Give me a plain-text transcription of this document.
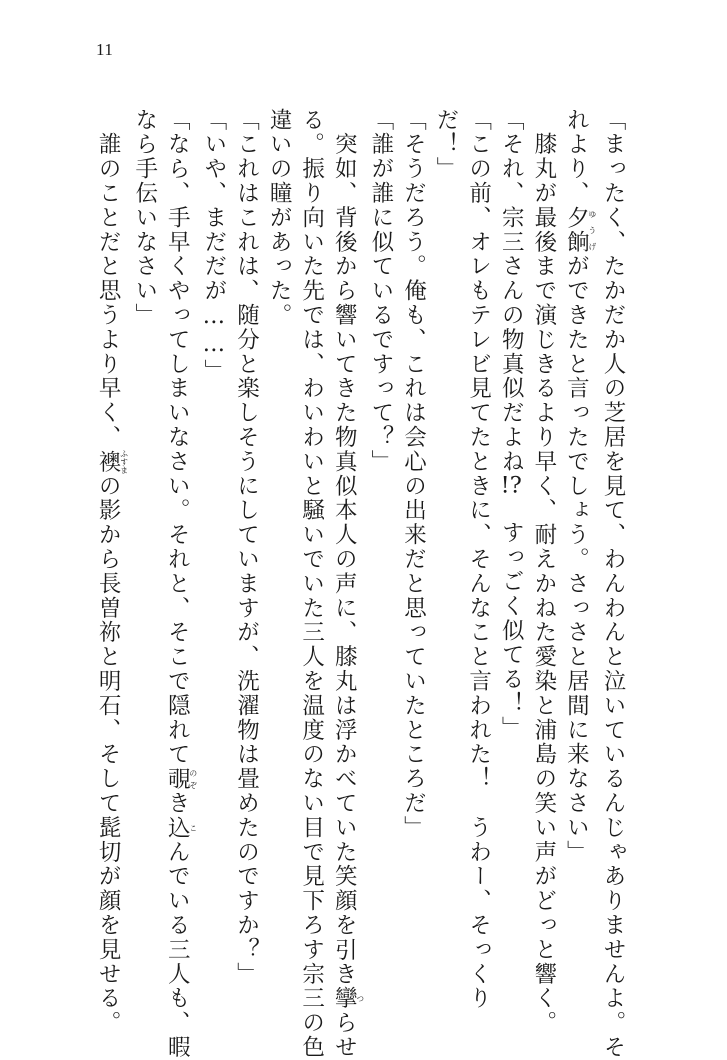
11
「まったく、たかだか人の芝居を見て、わんわんと泣いているんじゃありませんよ。そ
れより、夕餉ゆうげができたと言ったでしょう。さっさと居間に来なさい」
　膝丸が最後まで演じきるより早く、耐えかねた愛染と浦島の笑い声がどっと響く。
「それ、宗三さんの物真似だよね!?　すっごく似てる！」
「この前、オレもテレビ見てたときに、そんなこと言われた！　うわー、そっくり
だ！」
「そうだろう。俺も、これは会心の出来だと思っていたところだ」
「誰が誰に似ているですって？」
　突如、背後から響いてきた物真似本人の声に、膝丸は浮かべていた笑顔を引き攣つらせ
る。振り向いた先では、わいわいと騒いでいた三人を温度のない目で見下ろす宗三の色
違いの瞳があった。
「これはこれは、随分と楽しそうにしていますが、洗濯物は畳めたのですか？」
「いや、まだだが……」
「なら、手早くやってしまいなさい。それと、そこで隠れて覗のぞき込こんでいる三人も、暇
なら手伝いなさい」
　誰のことだと思うより早く、襖ふすまの影から長曽祢と明石、そして髭切が顔を見せる。
